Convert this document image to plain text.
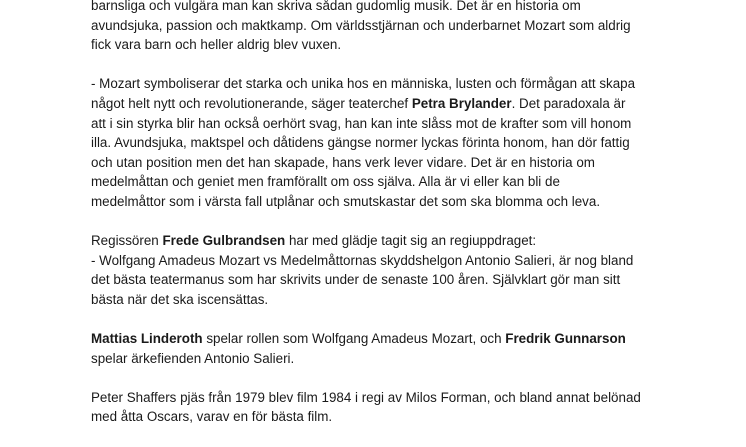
barnsliga och vulgära man kan skriva sådan gudomlig musik. Det är en historia om
avundsjuka, passion och maktkamp. Om världsstjärnan och underbarnet Mozart som aldrig
fick vara barn och heller aldrig blev vuxen.

- Mozart symboliserar det starka och unika hos en människa, lusten och förmågan att skapa
något helt nytt och revolutionerande, säger teaterchef Petra Brylander. Det paradoxala är
att i sin styrka blir han också oerhört svag, han kan inte slåss mot de krafter som vill honom
illa. Avundsjuka, maktspel och dåtidens gängse normer lyckas förinta honom, han dör fattig
och utan position men det han skapade, hans verk lever vidare. Det är en historia om
medelmåttan och geniet men framförallt om oss själva. Alla är vi eller kan bli de
medelmåttor som i värsta fall utplånar och smutskastar det som ska blomma och leva.

Regissören Frede Gulbrandsen har med glädje tagit sig an regiuppdraget:
- Wolfgang Amadeus Mozart vs Medelmåttornas skyddshelgon Antonio Salieri, är nog bland
det bästa teatermanus som har skrivits under de senaste 100 åren. Självklart gör man sitt
bästa när det ska iscensättas.

Mattias Linderoth spelar rollen som Wolfgang Amadeus Mozart, och Fredrik Gunnarson
spelar ärkefienden Antonio Salieri.

Peter Shaffers pjäs från 1979 blev film 1984 i regi av Milos Forman, och bland annat belönad
med åtta Oscars, varav en för bästa film.
